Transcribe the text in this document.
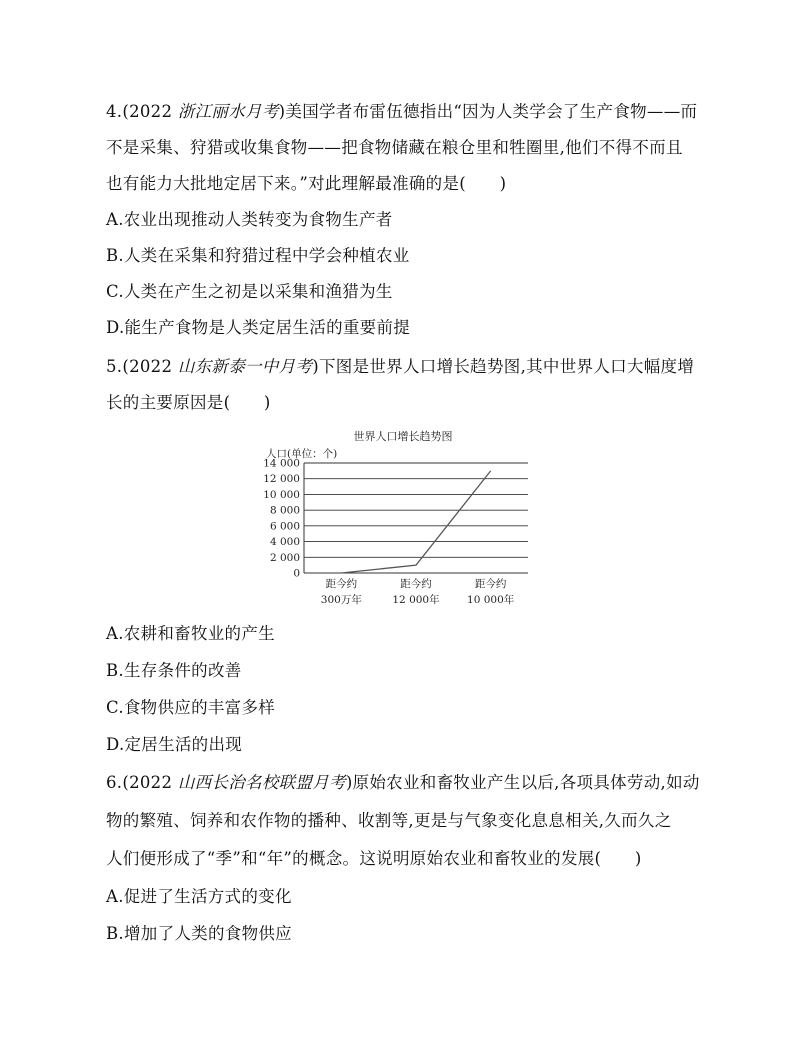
4.(2022 浙江丽水月考)美国学者布雷伍德指出“因为人类学会了生产食物——而
不是采集、狩猎或收集食物——把食物储藏在粮仓里和牲圈里,他们不得不而且
也有能力大批地定居下来。”对此理解最准确的是(　　)
A.农业出现推动人类转变为食物生产者
B.人类在采集和狩猎过程中学会种植农业
C.人类在产生之初是以采集和渔猎为生
D.能生产食物是人类定居生活的重要前提
5.(2022 山东新泰一中月考)下图是世界人口增长趋势图,其中世界人口大幅度增
长的主要原因是(　　)
世界人口增长趋势图
人口(单位：个)
14 000
12 000
10 000
8 000
6 000
4 000
2 000
0
距今约
300万年
距今约
12 000年
距今约
10 000年
A.农耕和畜牧业的产生
B.生存条件的改善
C.食物供应的丰富多样
D.定居生活的出现
6.(2022 山西长治名校联盟月考)原始农业和畜牧业产生以后,各项具体劳动,如动
物的繁殖、饲养和农作物的播种、收割等,更是与气象变化息息相关,久而久之
人们便形成了“季”和“年”的概念。这说明原始农业和畜牧业的发展(　　)
A.促进了生活方式的变化
B.增加了人类的食物供应
